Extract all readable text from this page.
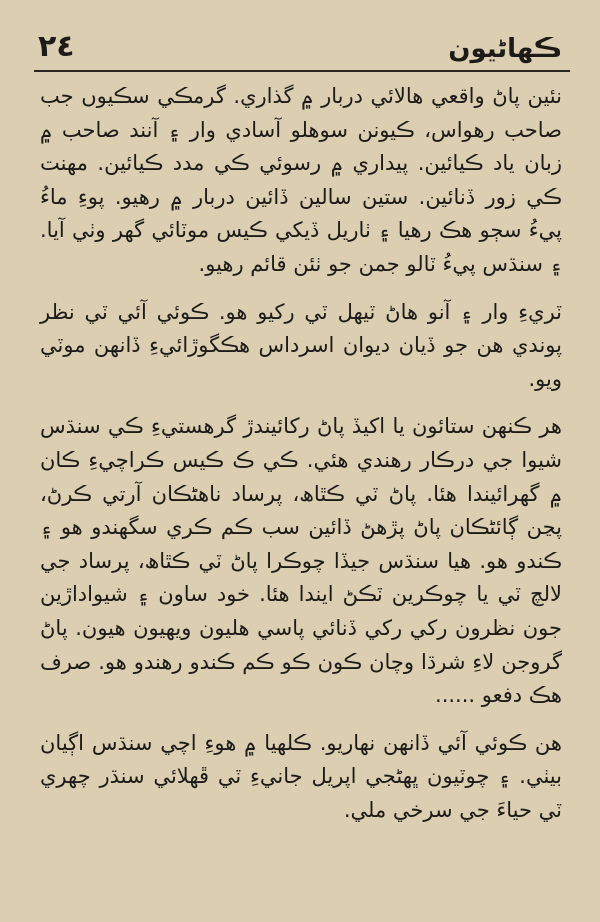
٢٤	ڪھاڻيون

نئين پاڻ واقعي ھالائي دربار ۾ گذاري. گرمڪي سڪيوں جب صاحب رھواس، ڪيونن سوھلو آسادي وار ۽ آنند صاحب ۾ زبان ياد ڪيائين. پيداري ۾ رسوئي ڪي مدد ڪيائين. مھنت ڪي زور ڏنائين. ستين سالين ڏائين دربار ۾ رھيو. پوءِ ماءُ پيءُ سڄو ھڪ رھيا ۽ ٺاريل ڏيکي ڪيس موٽائي گھر وٺي آيا. ۽ سنڌس پيءُ ٽالو جمن جو ٺئن قائم رھيو.

ٽريءِ وار ۽ آنو ھاڻ ٽيھل ٽي رکيو ھو. ڪوئي آئي ٽي نظر پوندي ھن جو ڏيان ديوان اسرداس ھڪگوڙائيءِ ڏانھن موٽي ويو.

ھر ڪنھن ستائون يا اکيڏ پاڻ رکائيندڙ گرھستيءِ ڪي سنڌس شيوا جي درڪار رھندي ھئي. ڪي ڪ ڪيس ڪراچيءِ ڪان ۾ گھرائيندا ھئا. پاڻ ٽي ڪٿاھ، پرساد ناھڻڪان آرتي ڪرڻ، پڃن ڳائڻڪان پاڻ پڙھڻ ڏائين سب ڪم ڪري سگھندو ھو ۽ ڪندو ھو. ھيا سنڌس جيڏا چوڪرا پاڻ ٽي ڪٿاھ، پرساد جي لالچ ٽي يا چوڪرين ٽڪڻ ايندا ھئا. خود ساون ۽ شيواداڙين جون نظرون رکي رکي ڏنائي پاسي ھليون ويھيون ھيون. پاڻ گروجن لاءِ شرڌا وچان ڪون ڪو ڪم ڪندو رھندو ھو. صرف ھڪ دفعو ......

ھن ڪوئي آئي ڏانھن نھاريو. ڪلھيا ۾ ھوءِ اچي سنڌس اڳيان بيٺي. ۽ چوٽيون ڀھڻجي اپريل جانيءِ ٽي ڦھلائي سنڌر چھري ٽي حياءَ جي سرخي ملي.
